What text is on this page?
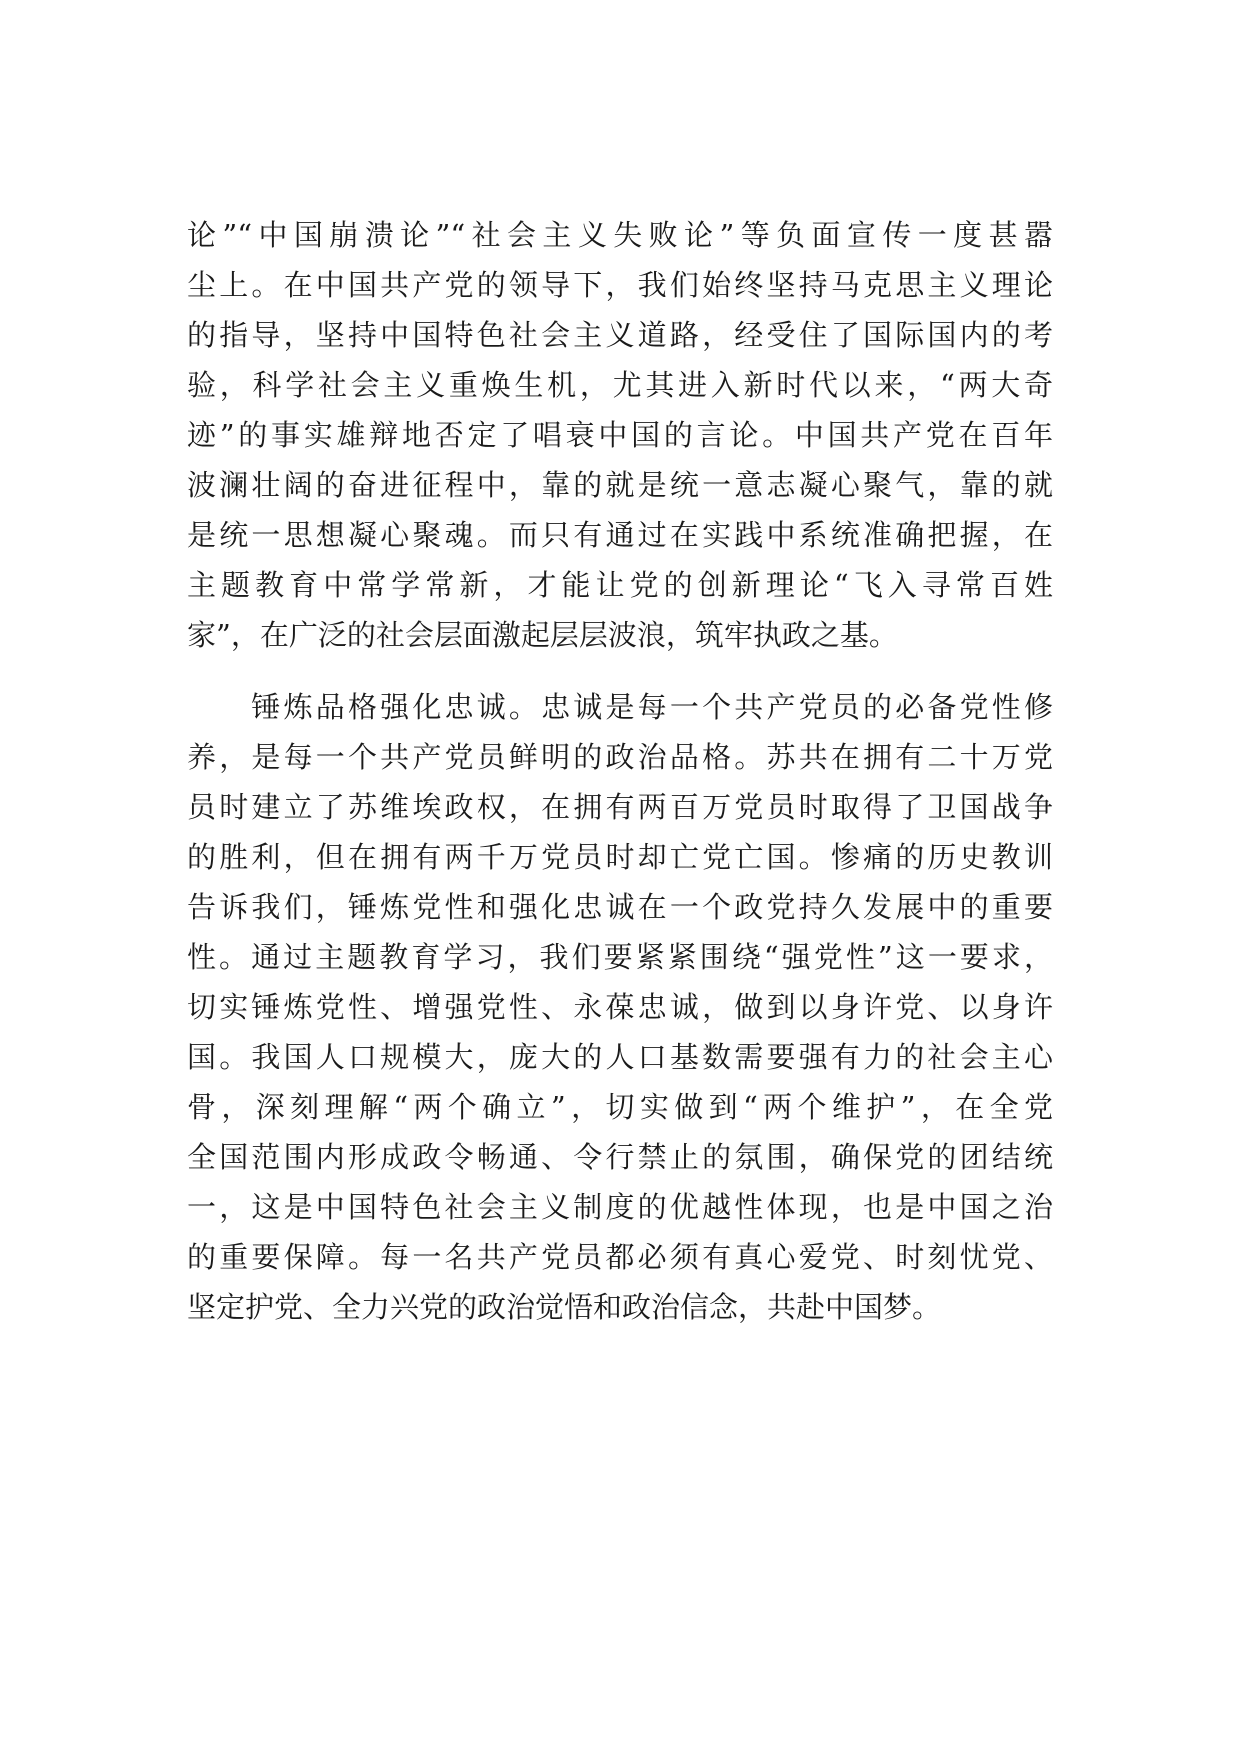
论”“中国崩溃论”“社会主义失败论”等负面宣传一度甚嚣
尘上。在中国共产党的领导下，我们始终坚持马克思主义理论
的指导，坚持中国特色社会主义道路，经受住了国际国内的考
验，科学社会主义重焕生机，尤其进入新时代以来，“两大奇
迹”的事实雄辩地否定了唱衰中国的言论。中国共产党在百年
波澜壮阔的奋进征程中，靠的就是统一意志凝心聚气，靠的就
是统一思想凝心聚魂。而只有通过在实践中系统准确把握，在
主题教育中常学常新，才能让党的创新理论“飞入寻常百姓
家”，在广泛的社会层面激起层层波浪，筑牢执政之基。
　　锤炼品格强化忠诚。忠诚是每一个共产党员的必备党性修
养，是每一个共产党员鲜明的政治品格。苏共在拥有二十万党
员时建立了苏维埃政权，在拥有两百万党员时取得了卫国战争
的胜利，但在拥有两千万党员时却亡党亡国。惨痛的历史教训
告诉我们，锤炼党性和强化忠诚在一个政党持久发展中的重要
性。通过主题教育学习，我们要紧紧围绕“强党性”这一要求，
切实锤炼党性、增强党性、永葆忠诚，做到以身许党、以身许
国。我国人口规模大，庞大的人口基数需要强有力的社会主心
骨，深刻理解“两个确立”，切实做到“两个维护”，在全党
全国范围内形成政令畅通、令行禁止的氛围，确保党的团结统
一，这是中国特色社会主义制度的优越性体现，也是中国之治
的重要保障。每一名共产党员都必须有真心爱党、时刻忧党、
坚定护党、全力兴党的政治觉悟和政治信念，共赴中国梦。
